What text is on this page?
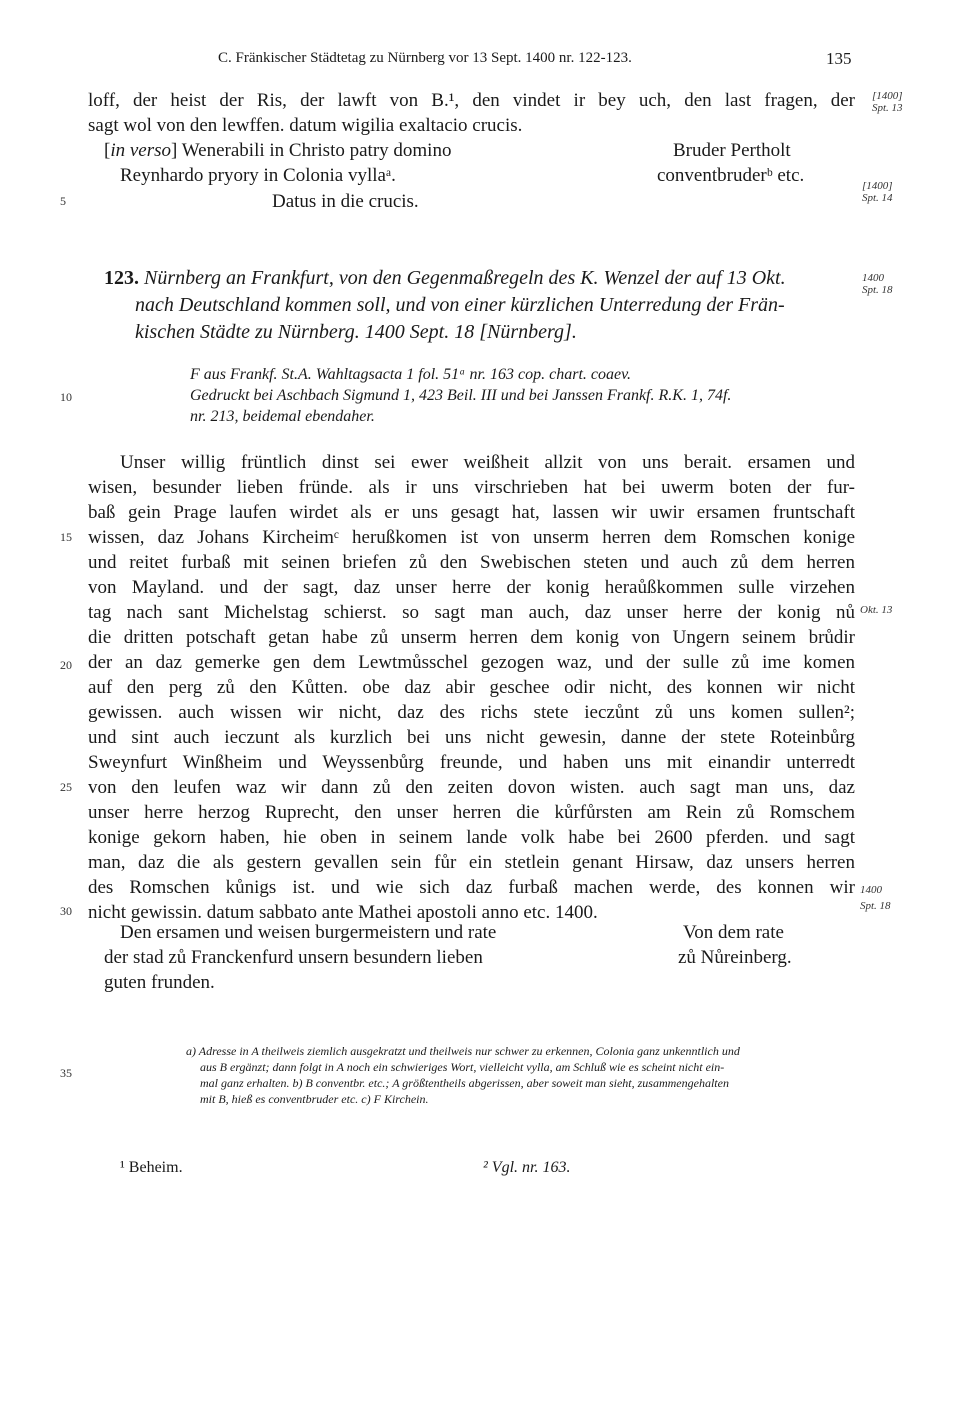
C. Fränkischer Städtetag zu Nürnberg vor 13 Sept. 1400 nr. 122-123.	135
loff, der heist der Ris, der lawft von B.¹, den vindet ir bey uch, den last fragen, der
sagt wol von den lewffen. datum wigilia exaltacio crucis.
[in verso] Wenerabili in Christo patry domino
Reynhardo pryory in Colonia vyllaᵃ.
Datus in die crucis.
Bruder Pertholt
conventbruderᵇ etc.
123. Nürnberg an Frankfurt, von den Gegenmaßregeln des K. Wenzel der auf 13 Okt.
nach Deutschland kommen soll, und von einer kürzlichen Unterredung der Frän-
kischen Städte zu Nürnberg. 1400 Sept. 18 [Nürnberg].
F aus Frankf. St.A. Wahltagsacta 1 fol. 51ᵃ nr. 163 cop. chart. coaev.
Gedruckt bei Aschbach Sigmund 1, 423 Beil. III und bei Janssen Frankf. R.K. 1, 74f.
nr. 213, beidemal ebendaher.
Unser willig früntlich dinst sei ewer weißheit allzit von uns berait. ersamen und
wisen, besunder lieben fründe. als ir uns virschrieben hat bei uwerm boten der fur-
baß gein Prage laufen wirdet als er uns gesagt hat, lassen wir uwir ersamen fruntschaft
wissen, daz Johans Kircheimᶜ herußkomen ist von unserm herren dem Romschen konige
und reitet furbaß mit seinen briefen zů den Swebischen steten und auch zů dem herren
von Mayland. und der sagt, daz unser herre der konig heraůßkommen sulle virzehen
tag nach sant Michelstag schierst. so sagt man auch, daz unser herre der konig nů
die dritten potschaft getan habe zů unserm herren dem konig von Ungern seinem brůdir
der an daz gemerke gen dem Lewtmůsschel gezogen waz, und der sulle zů ime komen
auf den perg zů den Kůtten. obe daz abir geschee odir nicht, des konnen wir nicht
gewissen. auch wissen wir nicht, daz des richs stete ieczůnt zů uns komen sullen²;
und sint auch ieczunt als kurzlich bei uns nicht gewesin, danne der stete Roteinbůrg
Sweynfurt Winßheim und Weyssenbůrg freunde, und haben uns mit einandir unterredt
von den leufen waz wir dann zů den zeiten dovon wisten. auch sagt man uns, daz
unser herre herzog Ruprecht, den unser herren die kůrfůrsten am Rein zů Romschem
konige gekorn haben, hie oben in seinem lande volk habe bei 2600 pferden. und sagt
man, daz die als gestern gevallen sein fůr ein stetlein genant Hirsaw, daz unsers herren
des Romschen kůnigs ist. und wie sich daz furbaß machen werde, des konnen wir
nicht gewissin. datum sabbato ante Mathei apostoli anno etc. 1400.
Den ersamen und weisen burgermeistern und rate
der stad zů Franckenfurd unsern besundern lieben
guten frunden.
Von dem rate
zů Nůreinberg.
a) Adresse in A theilweis ziemlich ausgekratzt und theilweis nur schwer zu erkennen, Colonia ganz unkenntlich und
aus B ergänzt; dann folgt in A noch ein schwieriges Wort, vielleicht vylla, am Schluß wie es scheint nicht ein-
mal ganz erhalten. b) B conventbr. etc.; A größtentheils abgerissen, aber soweit man sieht, zusammengehalten
mit B, hieß es conventbruder etc. c) F Kirchein.
¹ Beheim.	² Vgl. nr. 163.
[1400]
Spt. 13
[1400]
Spt. 14
1400
Spt. 18
Okt. 13
1400
Spt. 18
5
10
15
20
25
30
35
